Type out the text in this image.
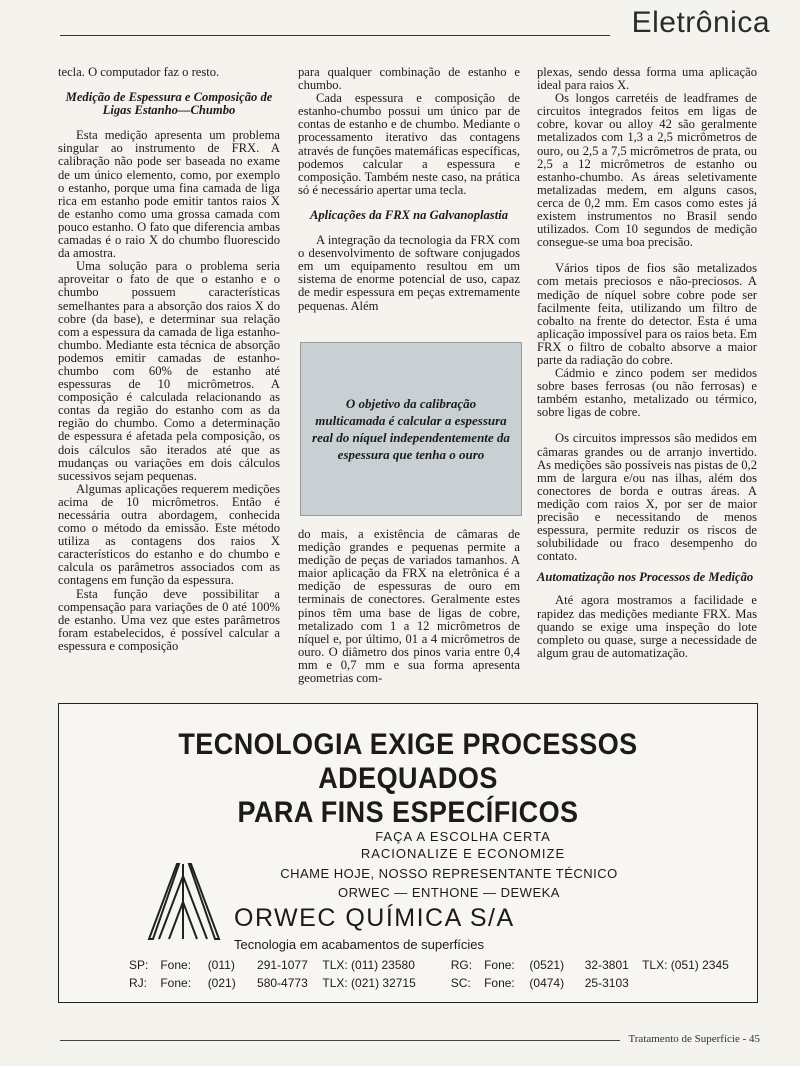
Eletrônica

tecla. O computador faz o resto.

Medição de Espessura e Composição de Ligas Estanho—Chumbo

Esta medição apresenta um problema singular ao instrumento de FRX. A calibração não pode ser baseada no exame de um único elemento, como, por exemplo o estanho, porque uma fina camada de liga rica em estanho pode emitir tantos raios X de estanho como uma grossa camada com pouco estanho. O fato que diferencia ambas camadas é o raio X do chumbo fluorescido da amostra.

Uma solução para o problema seria aproveitar o fato de que o estanho e o chumbo possuem características semelhantes para a absorção dos raios X do cobre (da base), e determinar sua relação com a espessura da camada de liga estanho-chumbo. Mediante esta técnica de absorção podemos emitir camadas de estanho-chumbo com 60% de estanho até espessuras de 10 micrômetros. A composição é calculada relacionando as contas da região do estanho com as da região do chumbo. Como a determinação de espessura é afetada pela composição, os dois cálculos são iterados até que as mudanças ou variações em dois cálculos sucessivos sejam pequenas.

Algumas aplicações requerem medições acima de 10 micrômetros. Então é necessária outra abordagem, conhecida como o método da emissão. Este método utiliza as contagens dos raios X característicos do estanho e do chumbo e calcula os parâmetros associados com as contagens em função da espessura.

Esta função deve possibilitar a compensação para variações de 0 até 100% de estanho. Uma vez que estes parâmetros foram estabelecidos, é possível calcular a espessura e composição

para qualquer combinação de estanho e chumbo.

Cada espessura e composição de estanho-chumbo possui um único par de contas de estanho e de chumbo. Mediante o processamento iterativo das contagens através de funções matemáficas específicas, podemos calcular a espessura e composição. Também neste caso, na prática só é necessário apertar uma tecla.

Aplicações da FRX na Galvanoplastia

A integração da tecnologia da FRX com o desenvolvimento de software conjugados em um equipamento resultou em um sistema de enorme potencial de uso, capaz de medir espessura em peças extremamente pequenas. Além

O objetivo da calibração multicamada é calcular a espessura real do níquel independentemente da espessura que tenha o ouro

do mais, a existência de câmaras de medição grandes e pequenas permite a medição de peças de variados tamanhos. A maior aplicação da FRX na eletrônica é a medição de espessuras de ouro em terminais de conectores. Geralmente estes pinos têm uma base de ligas de cobre, metalizado com 1 a 12 micrômetros de níquel e, por último, 01 a 4 micrômetros de ouro. O diâmetro dos pinos varia entre 0,4 mm e 0,7 mm e sua forma apresenta geometrias com-

plexas, sendo dessa forma uma aplicação ideal para raios X.

Os longos carretéis de leadframes de circuitos integrados feitos em ligas de cobre, kovar ou alloy 42 são geralmente metalizados com 1,3 a 2,5 micrômetros de ouro, ou 2,5 a 7,5 micrômetros de prata, ou 2,5 a 12 micrômetros de estanho ou estanho-chumbo. As áreas seletivamente metalizadas medem, em alguns casos, cerca de 0,2 mm. Em casos como estes já existem instrumentos no Brasil sendo utilizados. Com 10 segundos de medição consegue-se uma boa precisão.

Vários tipos de fios são metalizados com metais preciosos e não-preciosos. A medição de níquel sobre cobre pode ser facilmente feita, utilizando um filtro de cobalto na frente do detector. Esta é uma aplicação impossível para os raios beta. Em FRX o filtro de cobalto absorve a maior parte da radiação do cobre.

Cádmio e zinco podem ser medidos sobre bases ferrosas (ou não ferrosas) e também estanho, metalizado ou térmico, sobre ligas de cobre.

Os circuitos impressos são medidos em câmaras grandes ou de arranjo invertido. As medições são possíveis nas pistas de 0,2 mm de largura e/ou nas ilhas, além dos conectores de borda e outras áreas. A medição com raios X, por ser de maior precisão e necessitando de menos espessura, permite reduzir os riscos de solubilidade ou fraco desempenho do contato.

Automatização nos Processos de Medição

Até agora mostramos a facilidade e rapidez das medições mediante FRX. Mas quando se exige uma inspeção do lote completo ou quase, surge a necessidade de algum grau de automatização.

TECNOLOGIA EXIGE PROCESSOS ADEQUADOS
PARA FINS ESPECÍFICOS
FAÇA A ESCOLHA CERTA
RACIONALIZE E ECONOMIZE
CHAME HOJE, NOSSO REPRESENTANTE TÉCNICO
ORWEC — ENTHONE — DEWEKA
ORWEC QUÍMICA S/A
Tecnologia em acabamentos de superfícies
SP: Fone: (011) 291-1077 TLX: (011) 23580	RG: Fone: (0521) 32-3801 TLX: (051) 2345
RJ: Fone: (021) 580-4773 TLX: (021) 32715	SC: Fone: (0474) 25-3103
Tratamento de Superfície - 45
